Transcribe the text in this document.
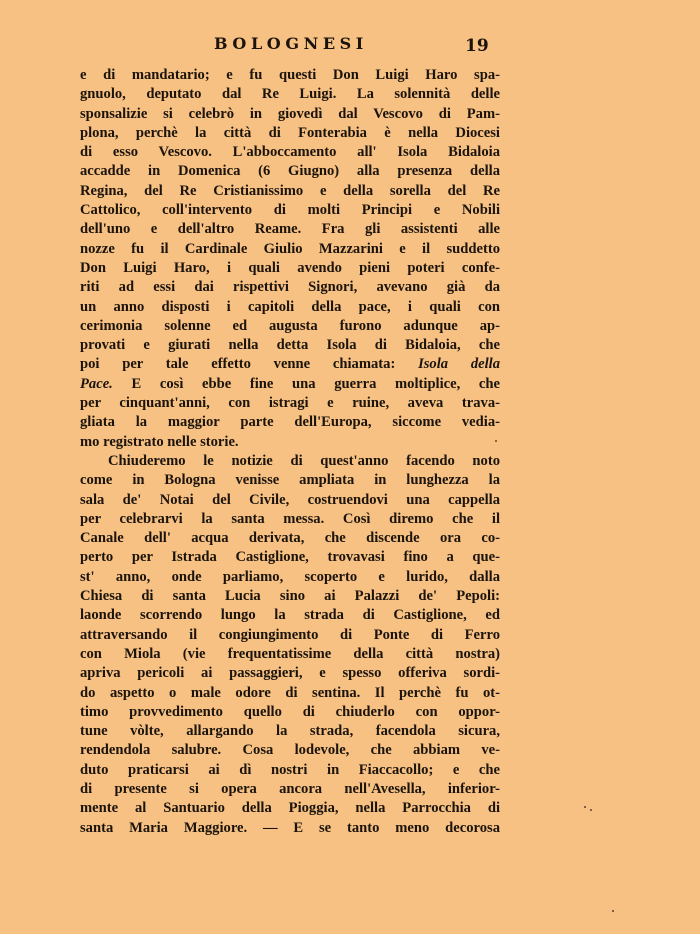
BOLOGNESI	19
e di mandatario; e fu questi Don Luigi Haro spa-
gnuolo, deputato dal Re Luigi. La solennità delle
sponsalizie si celebrò in giovedì dal Vescovo di Pam-
plona, perchè la città di Fonterabia è nella Diocesi
di esso Vescovo. L'abboccamento all' Isola Bidaloia
accadde in Domenica (6 Giugno) alla presenza della
Regina, del Re Cristianissimo e della sorella del Re
Cattolico, coll'intervento di molti Principi e Nobili
dell'uno e dell'altro Reame. Fra gli assistenti alle
nozze fu il Cardinale Giulio Mazzarini e il suddetto
Don Luigi Haro, i quali avendo pieni poteri confe-
riti ad essi dai rispettivi Signori, avevano già da
un anno disposti i capitoli della pace, i quali con
cerimonia solenne ed augusta furono adunque ap-
provati e giurati nella detta Isola di Bidaloia, che
poi per tale effetto venne chiamata: Isola della
Pace. E così ebbe fine una guerra moltiplice, che
per cinquant'anni, con istragi e ruine, aveva trava-
gliata la maggior parte dell'Europa, siccome vedia-
mo registrato nelle storie.
Chiuderemo le notizie di quest'anno facendo noto
come in Bologna venisse ampliata in lunghezza la
sala de' Notai del Civile, costruendovi una cappella
per celebrarvi la santa messa. Così diremo che il
Canale dell' acqua derivata, che discende ora co-
perto per Istrada Castiglione, trovavasi fino a que-
st' anno, onde parliamo, scoperto e lurido, dalla
Chiesa di santa Lucia sino ai Palazzi de' Pepoli:
laonde scorrendo lungo la strada di Castiglione, ed
attraversando il congiungimento di Ponte di Ferro
con Miola (vie frequentatissime della città nostra)
apriva pericoli ai passaggieri, e spesso offeriva sordi-
do aspetto o male odore di sentina. Il perchè fu ot-
timo provvedimento quello di chiuderlo con oppor-
tune vòlte, allargando la strada, facendola sicura,
rendendola salubre. Cosa lodevole, che abbiam ve-
duto praticarsi ai dì nostri in Fiaccacollo; e che
di presente si opera ancora nell'Avesella, inferior-
mente al Santuario della Pioggia, nella Parrocchia di
santa Maria Maggiore. — E se tanto meno decorosa
